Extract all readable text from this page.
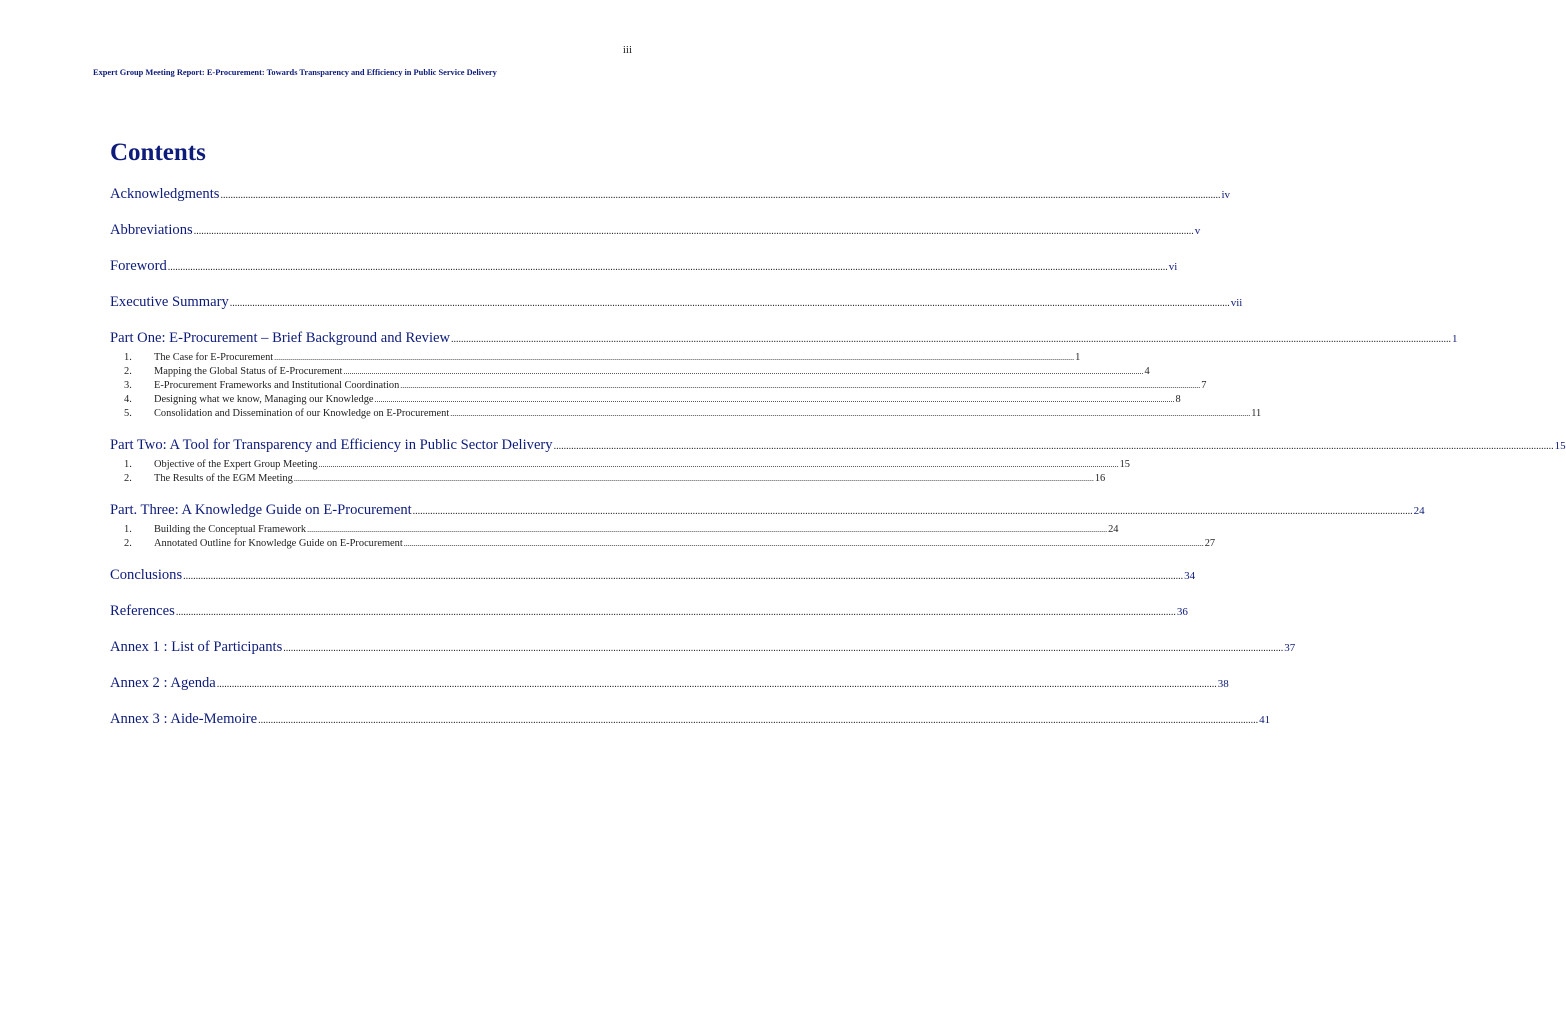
iii
Expert Group Meeting Report: E-Procurement: Towards Transparency and Efficiency in Public Service Delivery
Contents
Acknowledgments ................................................................................................................................................................................................................................................................................................................................................................................................................ iv
Abbreviations ................................................................................................................................................................................................................................................................................................................................................................................................................ v
Foreword ................................................................................................................................................................................................................................................................................................................................................................................................................ vi
Executive Summary ................................................................................................................................................................................................................................................................................................................................................................................................................ vii
Part One: E-Procurement – Brief Background and Review ................................................................................................................................................................................................................................................................................................................................................................................................................ 1
1. The Case for E-Procurement ................................................................................................................................................................................................................................................................................................................................................................................................................ 1
2. Mapping the Global Status of E-Procurement ................................................................................................................................................................................................................................................................................................................................................................................................................ 4
3. E-Procurement Frameworks and Institutional Coordination ................................................................................................................................................................................................................................................................................................................................................................................................................ 7
4. Designing what we know, Managing our Knowledge ................................................................................................................................................................................................................................................................................................................................................................................................................ 8
5. Consolidation and Dissemination of our Knowledge on E-Procurement ................................................................................................................................................................................................................................................................................................................................................................................................................ 11
Part Two: A Tool for Transparency and Efficiency in Public Sector Delivery ................................................................................................................................................................................................................................................................................................................................................................................................................ 15
1. Objective of the Expert Group Meeting ................................................................................................................................................................................................................................................................................................................................................................................................................ 15
2. The Results of the EGM Meeting ................................................................................................................................................................................................................................................................................................................................................................................................................ 16
Part. Three: A Knowledge Guide on E-Procurement ................................................................................................................................................................................................................................................................................................................................................................................................................ 24
1. Building the Conceptual Framework ................................................................................................................................................................................................................................................................................................................................................................................................................ 24
2. Annotated Outline for Knowledge Guide on E-Procurement ................................................................................................................................................................................................................................................................................................................................................................................................................ 27
Conclusions ................................................................................................................................................................................................................................................................................................................................................................................................................ 34
References ................................................................................................................................................................................................................................................................................................................................................................................................................ 36
Annex 1 : List of Participants ................................................................................................................................................................................................................................................................................................................................................................................................................ 37
Annex 2 : Agenda ................................................................................................................................................................................................................................................................................................................................................................................................................ 38
Annex 3 : Aide-Memoire ................................................................................................................................................................................................................................................................................................................................................................................................................ 41
